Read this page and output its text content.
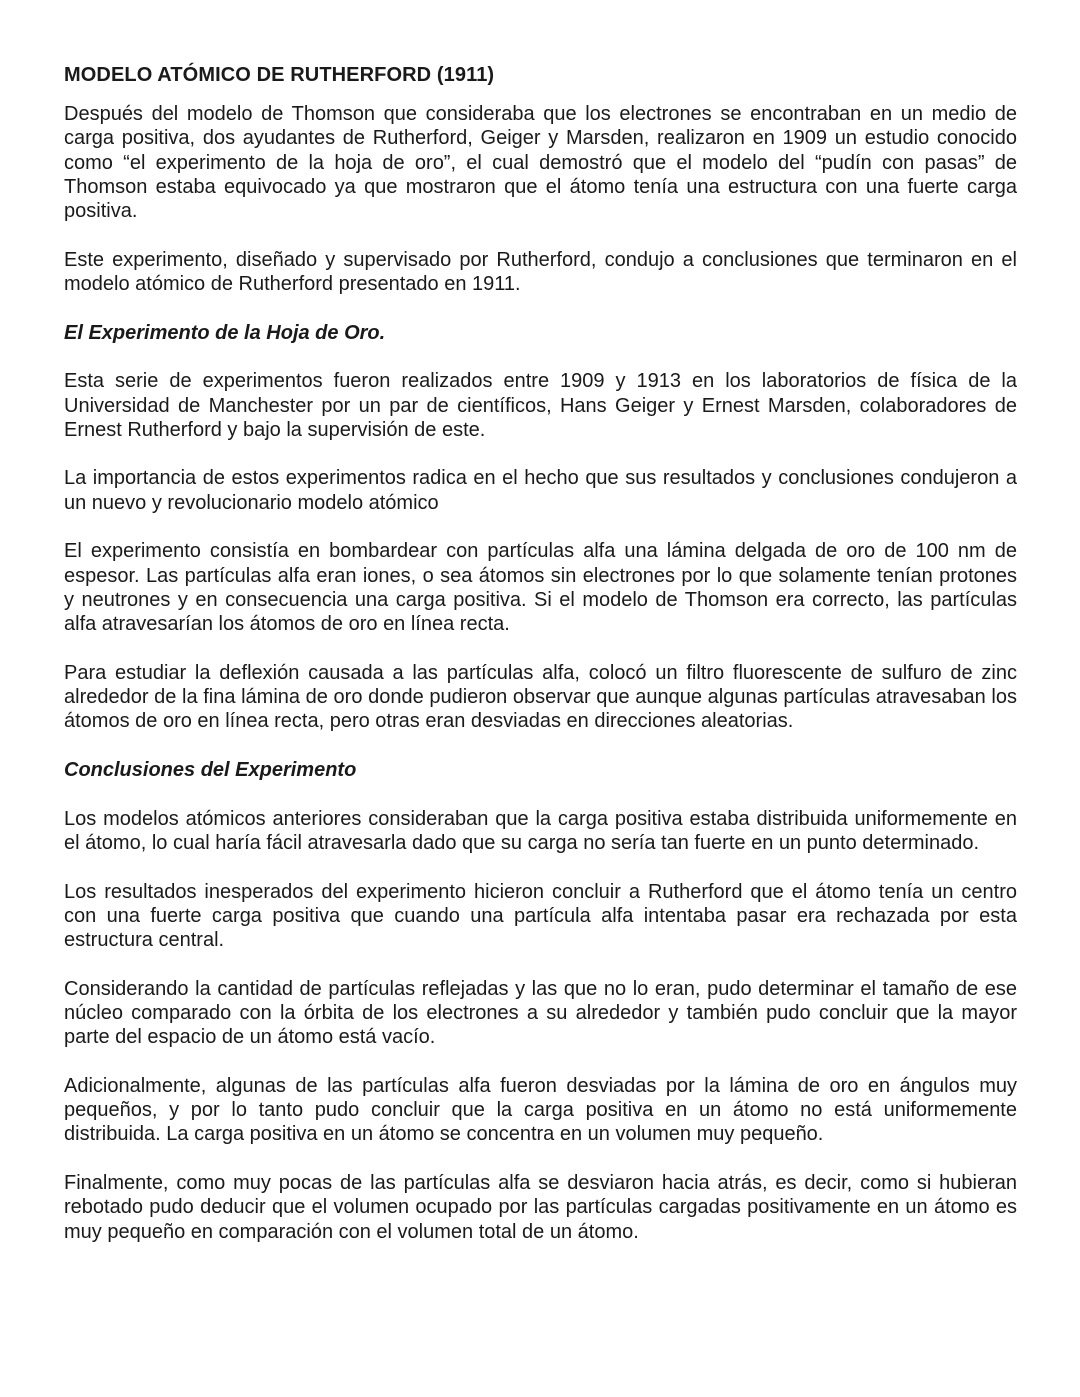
MODELO ATÓMICO DE RUTHERFORD (1911)

Después del modelo de Thomson que consideraba que los electrones se encontraban en un medio de carga positiva, dos ayudantes de Rutherford, Geiger y Marsden, realizaron en 1909 un estudio conocido como “el experimento de la hoja de oro”, el cual demostró que el modelo del “pudín con pasas” de Thomson estaba equivocado ya que mostraron que el átomo tenía una estructura con una fuerte carga positiva.

Este experimento, diseñado y supervisado por Rutherford, condujo a conclusiones que terminaron en el modelo atómico de Rutherford presentado en 1911.

El Experimento de la Hoja de Oro.

Esta serie de experimentos fueron realizados entre 1909 y 1913 en los laboratorios de física de la Universidad de Manchester por un par de científicos, Hans Geiger y Ernest Marsden, colaboradores de Ernest Rutherford y bajo la supervisión de este.

La importancia de estos experimentos radica en el hecho que sus resultados y conclusiones condujeron a un nuevo y revolucionario modelo atómico

El experimento consistía en bombardear con partículas alfa una lámina delgada de oro de 100 nm de espesor. Las partículas alfa eran iones, o sea átomos sin electrones por lo que solamente tenían protones y neutrones y en consecuencia una carga positiva. Si el modelo de Thomson era correcto, las partículas alfa atravesarían los átomos de oro en línea recta.

Para estudiar la deflexión causada a las partículas alfa, colocó un filtro fluorescente de sulfuro de zinc alrededor de la fina lámina de oro donde pudieron observar que aunque algunas partículas atravesaban los átomos de oro en línea recta, pero otras eran desviadas en direcciones aleatorias.

Conclusiones del Experimento

Los modelos atómicos anteriores consideraban que la carga positiva estaba distribuida uniformemente en el átomo, lo cual haría fácil atravesarla dado que su carga no sería tan fuerte en un punto determinado.

Los resultados inesperados del experimento hicieron concluir a Rutherford que el átomo tenía un centro con una fuerte carga positiva que cuando una partícula alfa intentaba pasar era rechazada por esta estructura central.

Considerando la cantidad de partículas reflejadas y las que no lo eran, pudo determinar el tamaño de ese núcleo comparado con la órbita de los electrones a su alrededor y también pudo concluir que la mayor parte del espacio de un átomo está vacío.

Adicionalmente, algunas de las partículas alfa fueron desviadas por la lámina de oro en ángulos muy pequeños, y por lo tanto pudo concluir que la carga positiva en un átomo no está uniformemente distribuida. La carga positiva en un átomo se concentra en un volumen muy pequeño.

Finalmente, como muy pocas de las partículas alfa se desviaron hacia atrás, es decir, como si hubieran rebotado pudo deducir que el volumen ocupado por las partículas cargadas positivamente en un átomo es muy pequeño en comparación con el volumen total de un átomo.
